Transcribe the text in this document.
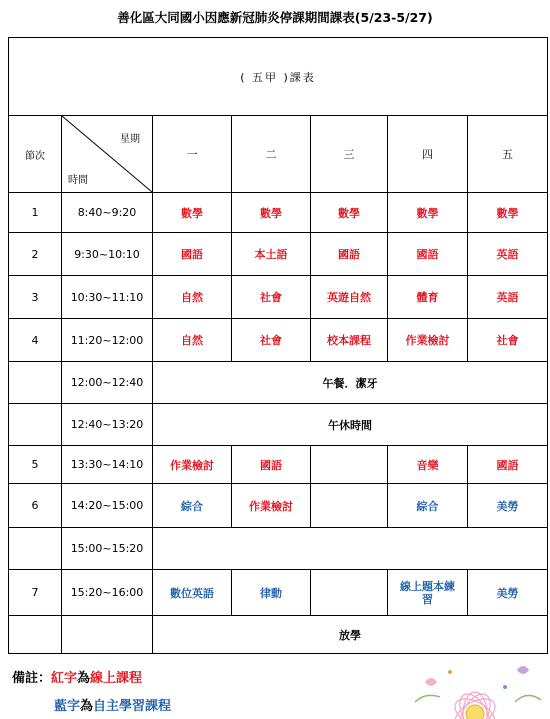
善化區大同國小因應新冠肺炎停課期間課表(5/23-5/27)
( 五甲 )課表						
節次	星期
時間	一	二	三	四	五
1	8:40~9:20	數學	數學	數學	數學	數學
2	9:30~10:10	國語	本土語	國語	國語	英語
3	10:30~11:10	自然	社會	英遊自然	體育	英語
4	11:20~12:00	自然	社會	校本課程	作業檢討	社會
	12:00~12:40	午餐．潔牙				
	12:40~13:20	午休時間				
5	13:30~14:10	作業檢討	國語		音樂	國語
6	14:20~15:00	綜合	作業檢討		綜合	美勞
	15:00~15:20					
7	15:20~16:00	數位英語	律動		線上題本練習	美勞
		放學				
備註：紅字為線上課程
藍字為自主學習課程
